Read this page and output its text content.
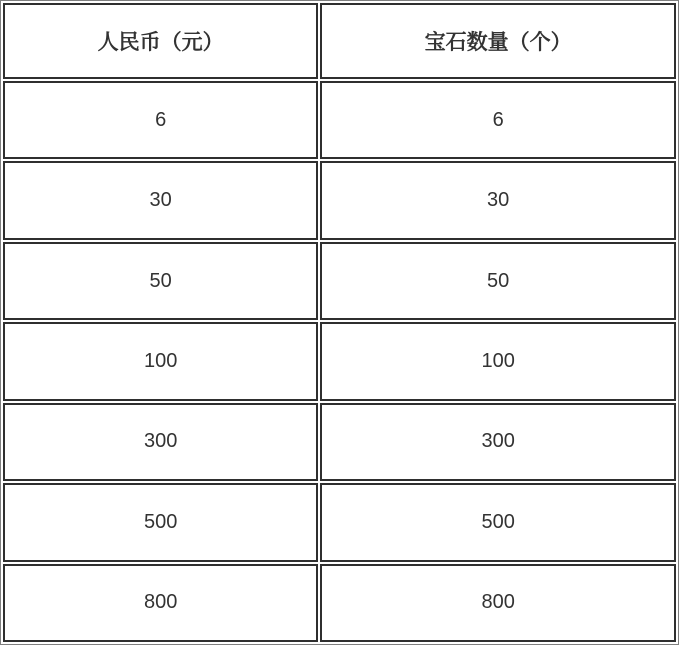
人民币（元）	宝石数量（个）
6	6
30	30
50	50
100	100
300	300
500	500
800	800
